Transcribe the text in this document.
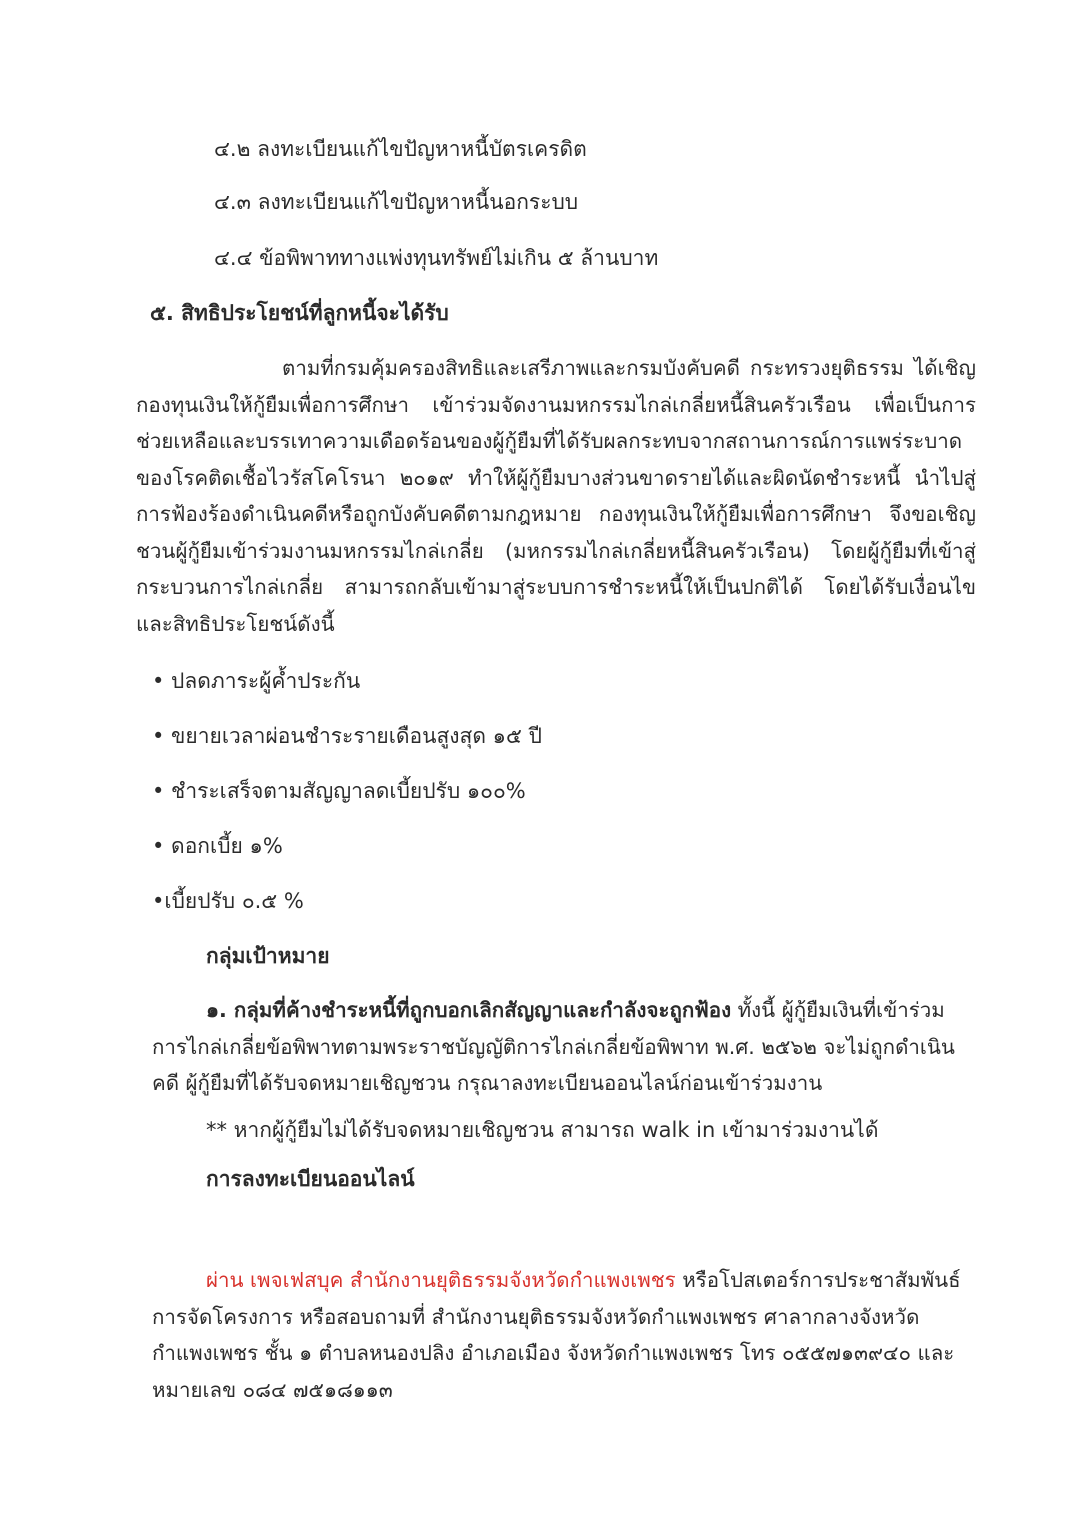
๔.๒ ลงทะเบียนแก้ไขปัญหาหนี้บัตรเครดิต
๔.๓ ลงทะเบียนแก้ไขปัญหาหนี้นอกระบบ
๔.๔ ข้อพิพาททางแพ่งทุนทรัพย์ไม่เกิน ๕ ล้านบาท
๕. สิทธิประโยชน์ที่ลูกหนี้จะได้รับ
ตามที่กรมคุ้มครองสิทธิและเสรีภาพและกรมบังคับคดี กระทรวงยุติธรรม ได้เชิญกองทุนเงินให้กู้ยืมเพื่อการศึกษา เข้าร่วมจัดงานมหกรรมไกล่เกลี่ยหนี้สินครัวเรือน เพื่อเป็นการช่วยเหลือและบรรเทาความเดือดร้อนของผู้กู้ยืมที่ได้รับผลกระทบจากสถานการณ์การแพร่ระบาดของโรคติดเชื้อไวรัสโคโรนา ๒๐๑๙ ทำให้ผู้กู้ยืมบางส่วนขาดรายได้และผิดนัดชำระหนี้ นำไปสู่การฟ้องร้องดำเนินคดีหรือถูกบังคับคดีตามกฎหมาย กองทุนเงินให้กู้ยืมเพื่อการศึกษา จึงขอเชิญชวนผู้กู้ยืมเข้าร่วมงานมหกรรมไกล่เกลี่ย (มหกรรมไกล่เกลี่ยหนี้สินครัวเรือน) โดยผู้กู้ยืมที่เข้าสู่กระบวนการไกล่เกลี่ย สามารถกลับเข้ามาสู่ระบบการชำระหนี้ให้เป็นปกติได้ โดยได้รับเงื่อนไขและสิทธิประโยชน์ดังนี้
• ปลดภาระผู้ค้ำประกัน
• ขยายเวลาผ่อนชำระรายเดือนสูงสุด ๑๕ ปี
• ชำระเสร็จตามสัญญาลดเบี้ยปรับ ๑๐๐%
• ดอกเบี้ย ๑%
•เบี้ยปรับ ๐.๕ %
กลุ่มเป้าหมาย
๑. กลุ่มที่ค้างชำระหนี้ที่ถูกบอกเลิกสัญญาและกำลังจะถูกฟ้อง ทั้งนี้ ผู้กู้ยืมเงินที่เข้าร่วมการไกล่เกลี่ยข้อพิพาทตามพระราชบัญญัติการไกล่เกลี่ยข้อพิพาท พ.ศ. ๒๕๖๒ จะไม่ถูกดำเนินคดี ผู้กู้ยืมที่ได้รับจดหมายเชิญชวน กรุณาลงทะเบียนออนไลน์ก่อนเข้าร่วมงาน
** หากผู้กู้ยืมไม่ได้รับจดหมายเชิญชวน สามารถ walk in เข้ามาร่วมงานได้
การลงทะเบียนออนไลน์
ผ่าน เพจเฟสบุค สำนักงานยุติธรรมจังหวัดกำแพงเพชร หรือโปสเตอร์การประชาสัมพันธ์การจัดโครงการ หรือสอบถามที่ สำนักงานยุติธรรมจังหวัดกำแพงเพชร ศาลากลางจังหวัดกำแพงเพชร ชั้น ๑ ตำบลหนองปลิง อำเภอเมือง จังหวัดกำแพงเพชร โทร ๐๕๕๗๑๓๙๔๐ และหมายเลข ๐๘๔ ๗๕๑๘๑๑๓
